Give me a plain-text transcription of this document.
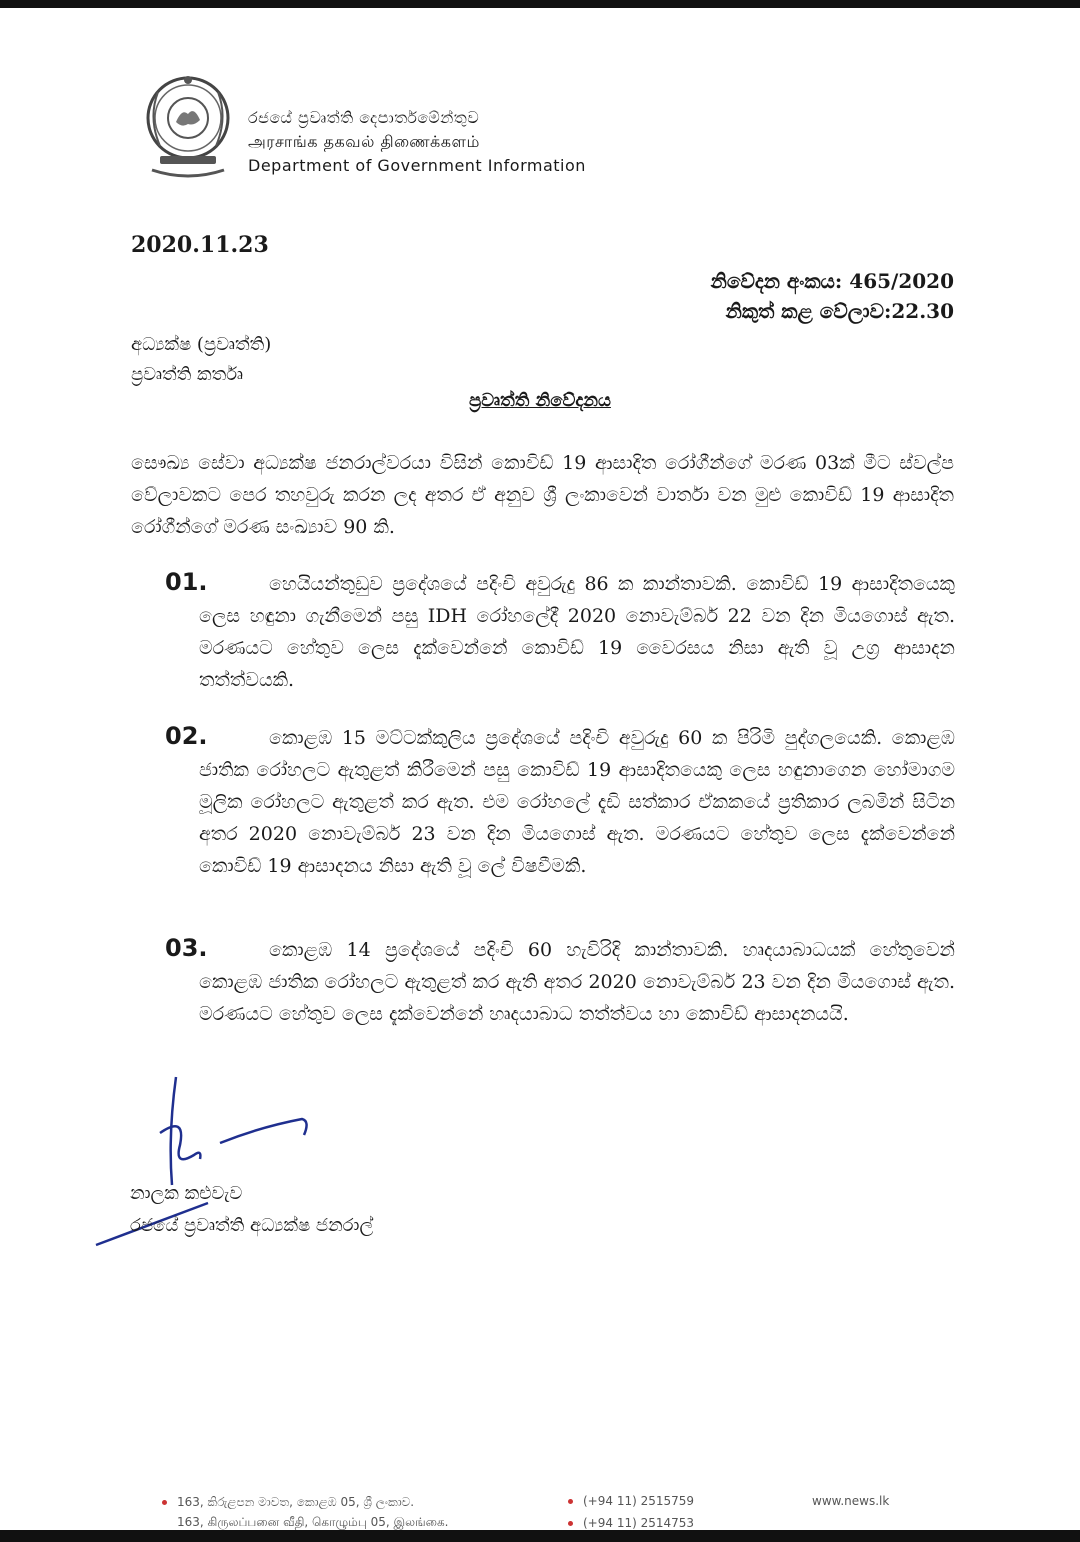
රජයේ ප්‍රවෘත්ති දෙපාර්තමේන්තුව
அரசாங்க தகவல் திணைக்களம்
Department of Government Information
2020.11.23
නිවේදන අංකය: 465/2020
නිකුත් කළ වේලාව:22.30
අධ්‍යක්ෂ (ප්‍රවෘත්ති)
ප්‍රවෘත්ති කර්තෘ
ප්‍රවෘත්ති නිවේදනය
සෞඛ්‍ය සේවා අධ්‍යක්ෂ ජනරාල්වරයා විසින් කොවිඩ් 19 ආසාදිත රෝගීන්ගේ මරණ 03ක් මීට ස්වල්ප වේලාවකට පෙර තහවුරු කරන ලද අතර ඒ අනුව ශ්‍රී ලංකාවෙන් වාර්තා වන මුළු කොවිඩ් 19 ආසාදිත රෝගීන්ගේ මරණ සංඛ්‍යාව 90 කි.
01.	හෙයියන්තුඩුව ප්‍රදේශයේ පදිංචි අවුරුදු 86 ක කාන්තාවකි. කොවිඩ් 19 ආසාදිතයෙකු ලෙස හඳුනා ගැනීමෙන් පසු IDH රෝහලේදී 2020 නොවැම්බර් 22 වන දින මියගොස් ඇත. මරණයට හේතුව ලෙස දැක්වෙන්නේ කොවිඩ් 19 වෛරසය නිසා ඇති වූ උග්‍ර ආසාදන තත්ත්වයකි.
02.	කොළඹ 15 මට්ටක්කුලිය ප්‍රදේශයේ පදිංචි අවුරුදු 60 ක පිරිමි පුද්ගලයෙකි. කොළඹ ජාතික රෝහලට ඇතුළත් කිරීමෙන් පසු කොවිඩ් 19 ආසාදිතයෙකු ලෙස හඳුනාගෙන හෝමාගම මූලික රෝහලට ඇතුළත් කර ඇත. එම රෝහලේ දැඩි සත්කාර ඒකකයේ ප්‍රතිකාර ලබමින් සිටින අතර 2020 නොවැම්බර් 23 වන දින මියගොස් ඇත. මරණයට හේතුව ලෙස දැක්වෙන්නේ කොවිඩ් 19 ආසාදනය නිසා ඇති වූ ලේ විෂවීමකි.
03.	කොළඹ 14 ප්‍රදේශයේ පදිංචි 60 හැවිරිදි කාන්තාවකි. හෘදයාබාධයක් හේතුවෙන් කොළඹ ජාතික රෝහලට ඇතුළත් කර ඇති අතර 2020 නොවැම්බර් 23 වන දින මියගොස් ඇත. මරණයට හේතුව ලෙස දැක්වෙන්නේ හෘදයාබාධ තත්ත්වය හා කොවිඩ් ආසාදනයයි.
නාලක කළුවැව
රජයේ ප්‍රවෘත්ති අධ්‍යක්ෂ ජනරාල්
163, කිරුළපන මාවත, කොළඹ 05, ශ්‍රී ලංකාව.
163, கிருலப்பனை வீதி, கொழும்பு 05, இலங்கை.
(+94 11) 2515759
(+94 11) 2514753
www.news.lk
